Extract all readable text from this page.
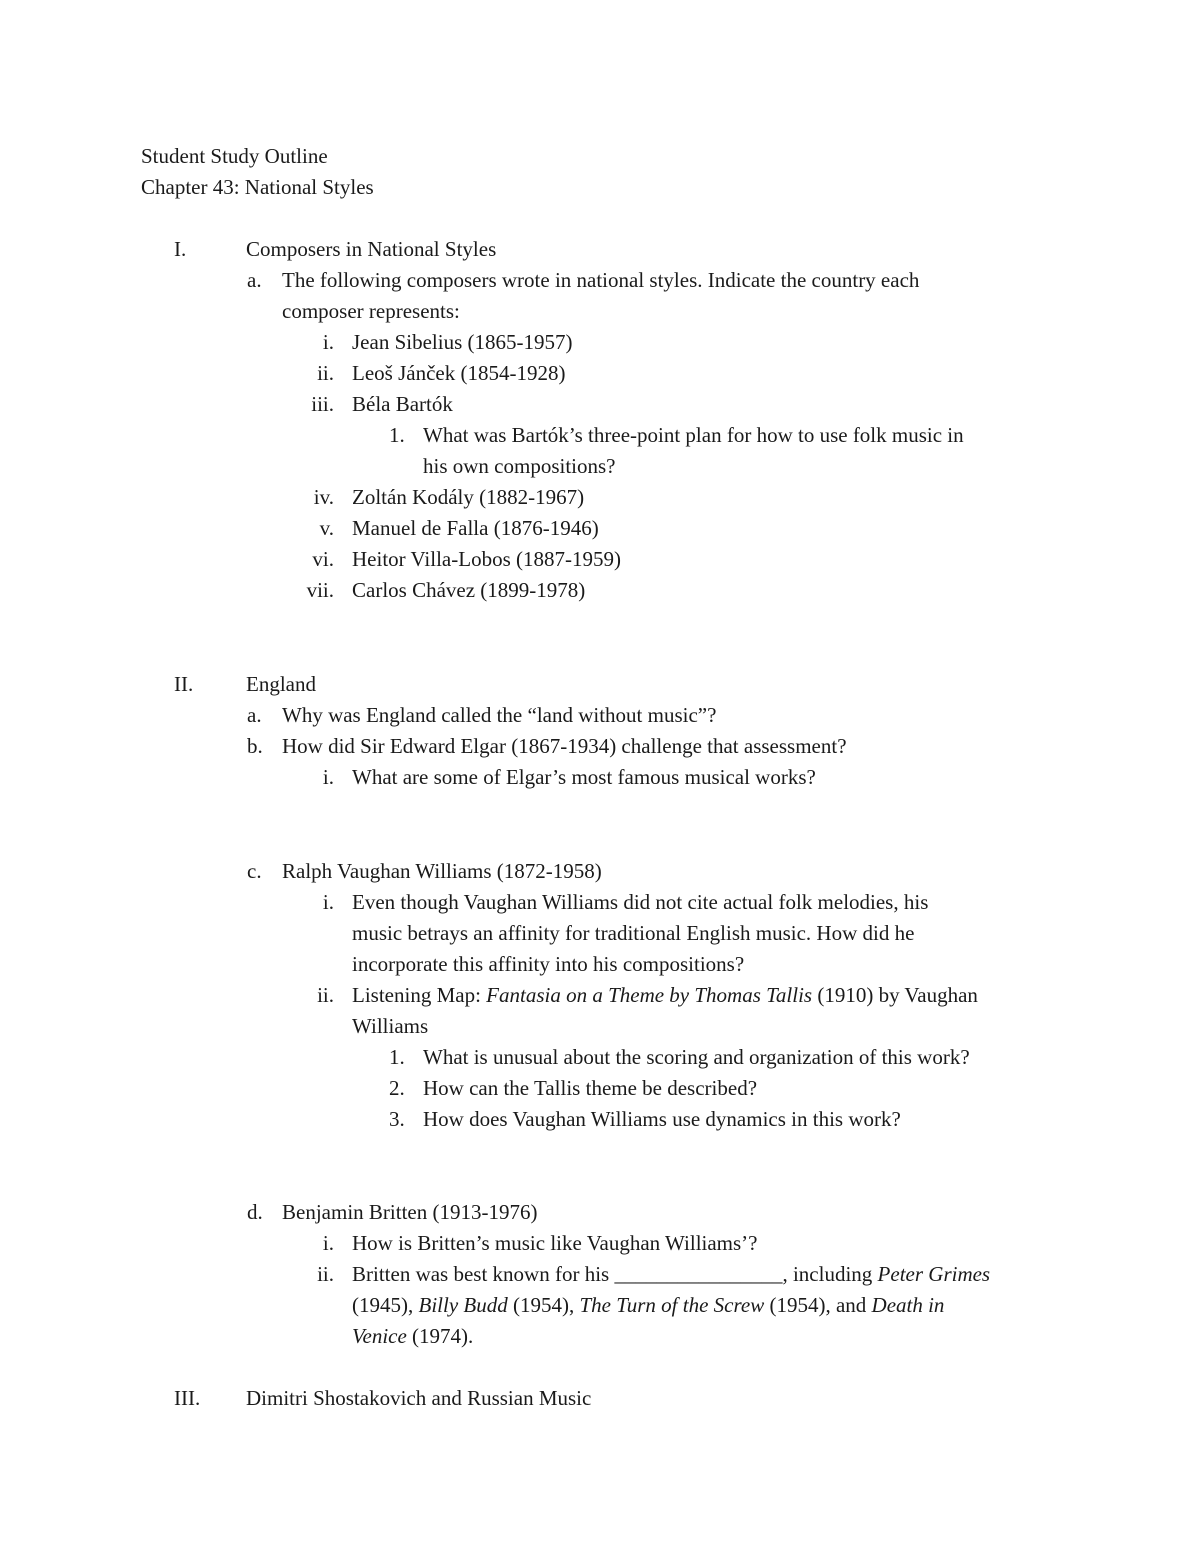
Student Study Outline
Chapter 43: National Styles
I.	Composers in National Styles
a. The following composers wrote in national styles. Indicate the country each
composer represents:
i. Jean Sibelius (1865-1957)
ii. Leoš Jánček (1854-1928)
iii. Béla Bartók
1. What was Bartók’s three-point plan for how to use folk music in
his own compositions?
iv. Zoltán Kodály (1882-1967)
v. Manuel de Falla (1876-1946)
vi. Heitor Villa-Lobos (1887-1959)
vii. Carlos Chávez (1899-1978)
II.	England
a. Why was England called the “land without music”?
b. How did Sir Edward Elgar (1867-1934) challenge that assessment?
i. What are some of Elgar’s most famous musical works?
c. Ralph Vaughan Williams (1872-1958)
i. Even though Vaughan Williams did not cite actual folk melodies, his
music betrays an affinity for traditional English music. How did he
incorporate this affinity into his compositions?
ii. Listening Map: Fantasia on a Theme by Thomas Tallis (1910) by Vaughan
Williams
1. What is unusual about the scoring and organization of this work?
2. How can the Tallis theme be described?
3. How does Vaughan Williams use dynamics in this work?
d. Benjamin Britten (1913-1976)
i. How is Britten’s music like Vaughan Williams’?
ii. Britten was best known for his ________________, including Peter Grimes
(1945), Billy Budd (1954), The Turn of the Screw (1954), and Death in
Venice (1974).
III. Dimitri Shostakovich and Russian Music
